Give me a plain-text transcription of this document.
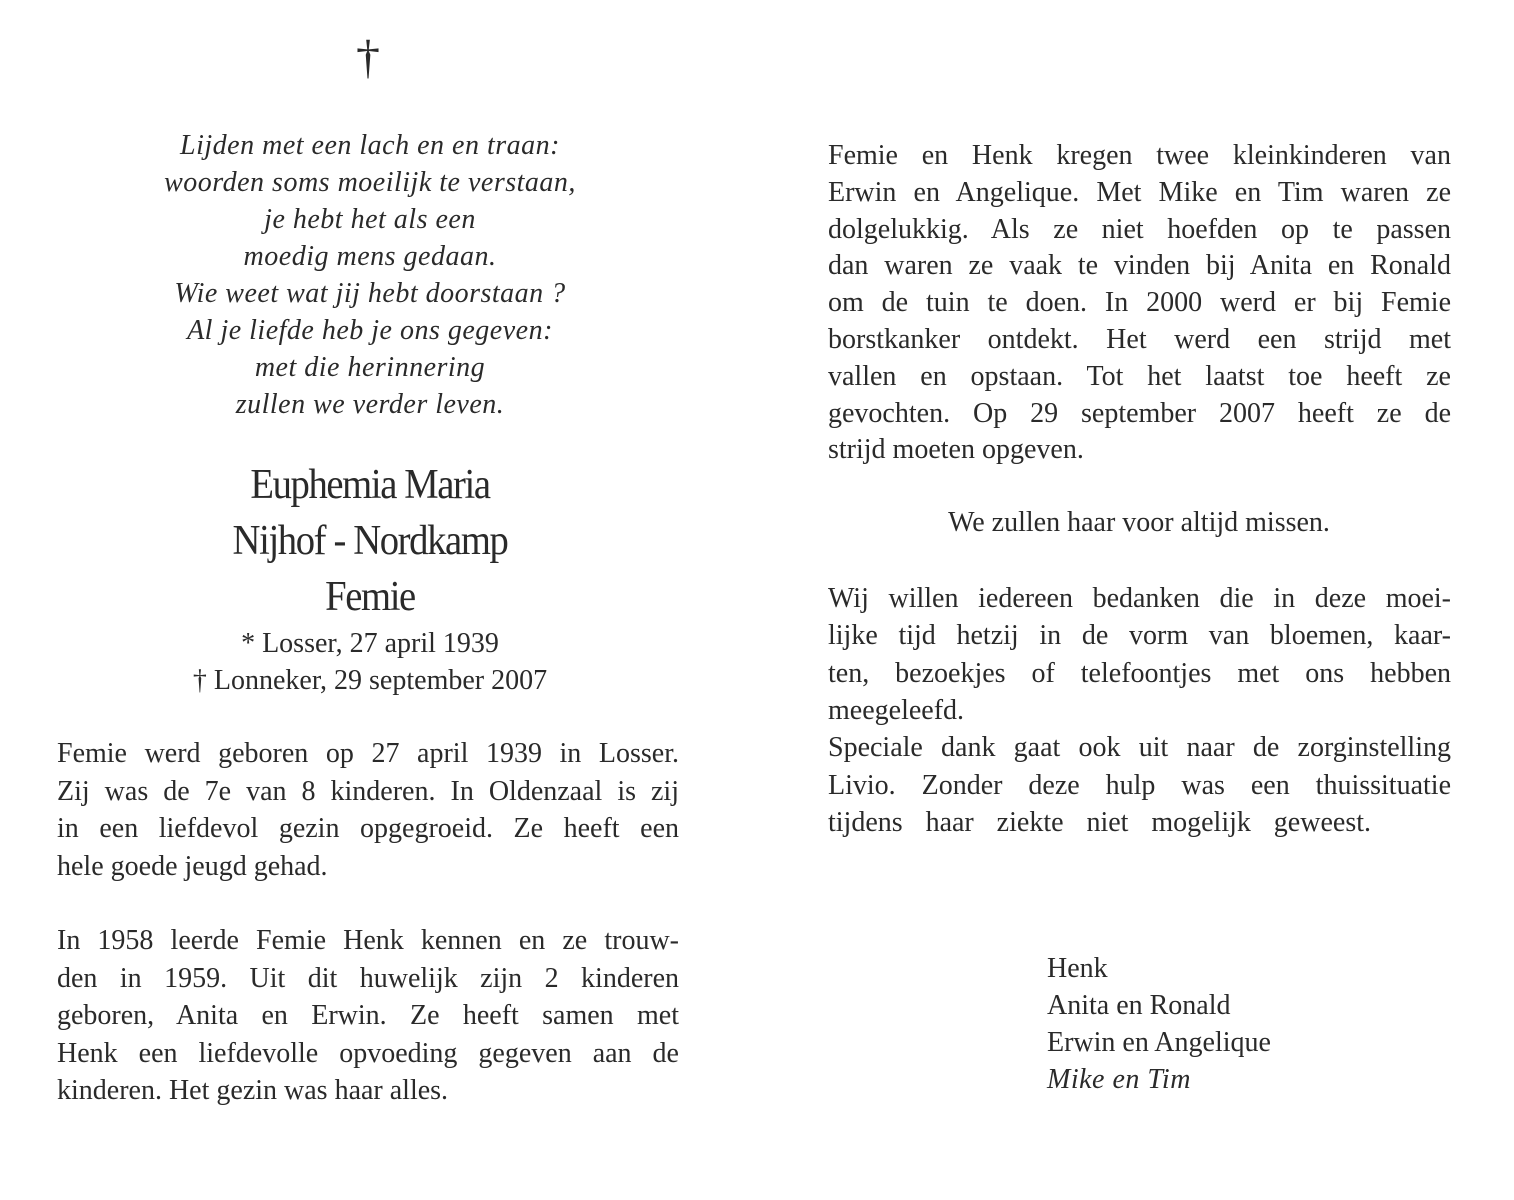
†
Lijden met een lach en en traan:
woorden soms moeilijk te verstaan,
je hebt het als een
moedig mens gedaan.
Wie weet wat jij hebt doorstaan ?
Al je liefde heb je ons gegeven:
met die herinnering
zullen we verder leven.
Euphemia Maria
Nijhof - Nordkamp
Femie
* Losser, 27 april 1939
† Lonneker, 29 september 2007
Femie werd geboren op 27 april 1939 in Losser.
Zij was de 7e van 8 kinderen. In Oldenzaal is zij
in een liefdevol gezin opgegroeid. Ze heeft een
hele goede jeugd gehad.
In 1958 leerde Femie Henk kennen en ze trouw-
den in 1959. Uit dit huwelijk zijn 2 kinderen
geboren, Anita en Erwin. Ze heeft samen met
Henk een liefdevolle opvoeding gegeven aan de
kinderen. Het gezin was haar alles.
Femie en Henk kregen twee kleinkinderen van
Erwin en Angelique. Met Mike en Tim waren ze
dolgelukkig. Als ze niet hoefden op te passen
dan waren ze vaak te vinden bij Anita en Ronald
om de tuin te doen. In 2000 werd er bij Femie
borstkanker ontdekt. Het werd een strijd met
vallen en opstaan. Tot het laatst toe heeft ze
gevochten. Op 29 september 2007 heeft ze de
strijd moeten opgeven.
We zullen haar voor altijd missen.
Wij willen iedereen bedanken die in deze moei-
lijke tijd hetzij in de vorm van bloemen, kaar-
ten, bezoekjes of telefoontjes met ons hebben
meegeleefd.
Speciale dank gaat ook uit naar de zorginstelling
Livio. Zonder deze hulp was een thuissituatie
tijdens haar ziekte niet mogelijk geweest.
Henk
Anita en Ronald
Erwin en Angelique
Mike en Tim
